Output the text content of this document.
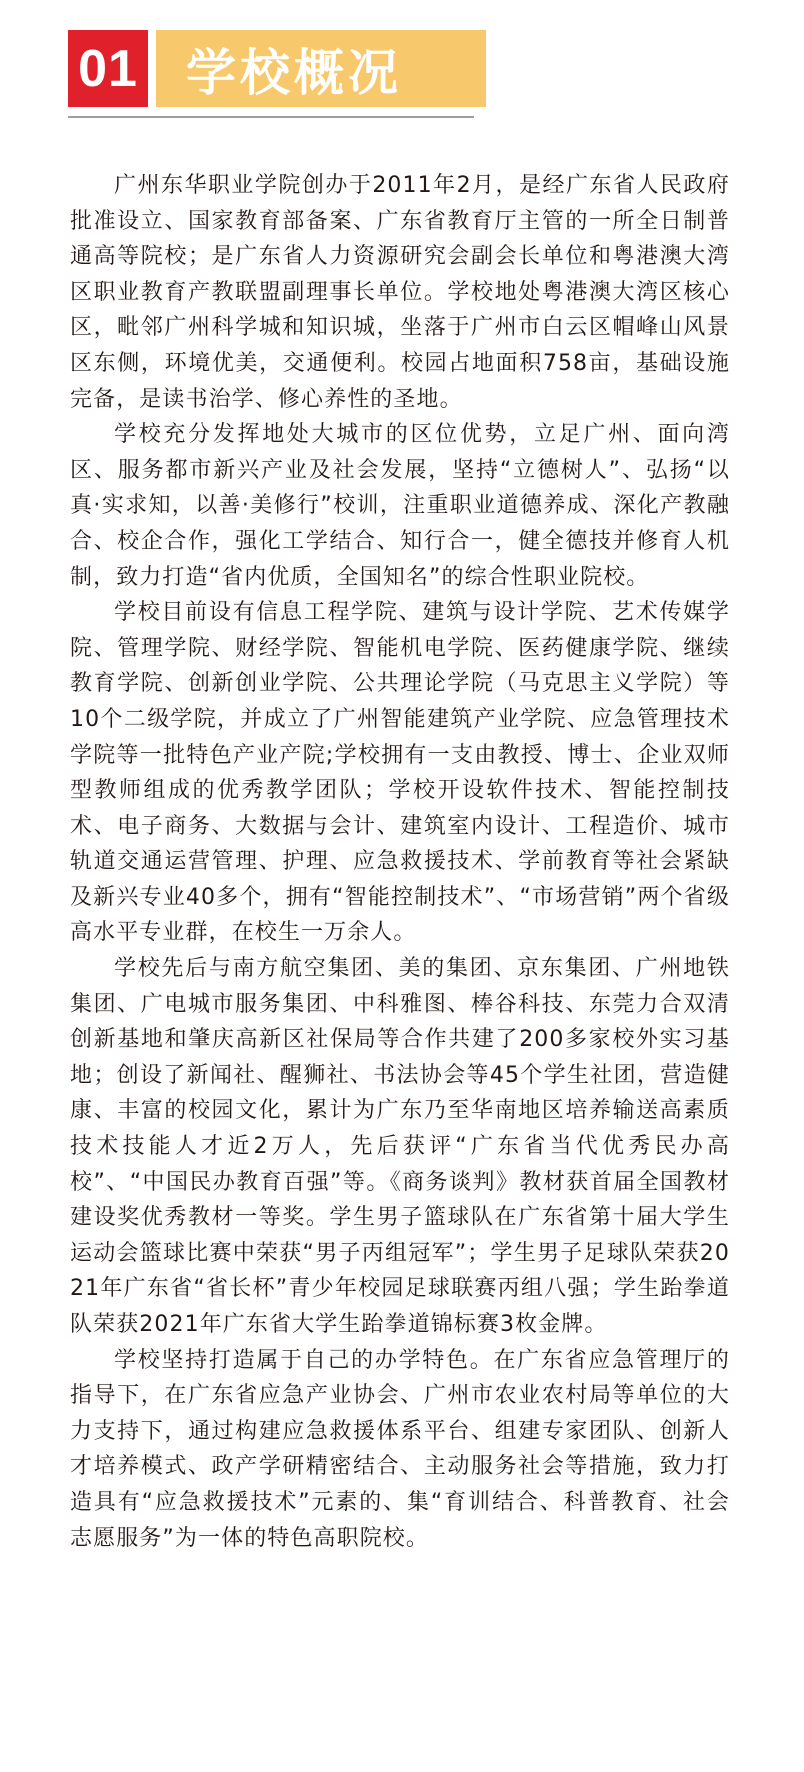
01 学校概况

广州东华职业学院创办于2011年2月，是经广东省人民政府批准设立、国家教育部备案、广东省教育厅主管的一所全日制普通高等院校；是广东省人力资源研究会副会长单位和粤港澳大湾区职业教育产教联盟副理事长单位。学校地处粤港澳大湾区核心区，毗邻广州科学城和知识城，坐落于广州市白云区帽峰山风景区东侧，环境优美，交通便利。校园占地面积758亩，基础设施完备，是读书治学、修心养性的圣地。

学校充分发挥地处大城市的区位优势，立足广州、面向湾区、服务都市新兴产业及社会发展，坚持“立德树人”、弘扬“以真·实求知，以善·美修行”校训，注重职业道德养成、深化产教融合、校企合作，强化工学结合、知行合一，健全德技并修育人机制，致力打造“省内优质，全国知名”的综合性职业院校。

学校目前设有信息工程学院、建筑与设计学院、艺术传媒学院、管理学院、财经学院、智能机电学院、医药健康学院、继续教育学院、创新创业学院、公共理论学院（马克思主义学院）等10个二级学院，并成立了广州智能建筑产业学院、应急管理技术学院等一批特色产业产院;学校拥有一支由教授、博士、企业双师型教师组成的优秀教学团队；学校开设软件技术、智能控制技术、电子商务、大数据与会计、建筑室内设计、工程造价、城市轨道交通运营管理、护理、应急救援技术、学前教育等社会紧缺及新兴专业40多个，拥有“智能控制技术”、“市场营销”两个省级高水平专业群，在校生一万余人。

学校先后与南方航空集团、美的集团、京东集团、广州地铁集团、广电城市服务集团、中科雅图、棒谷科技、东莞力合双清创新基地和肇庆高新区社保局等合作共建了200多家校外实习基地；创设了新闻社、醒狮社、书法协会等45个学生社团，营造健康、丰富的校园文化，累计为广东乃至华南地区培养输送高素质技术技能人才近2万人，先后获评“广东省当代优秀民办高校”、“中国民办教育百强”等。《商务谈判》教材获首届全国教材建设奖优秀教材一等奖。学生男子篮球队在广东省第十届大学生运动会篮球比赛中荣获“男子丙组冠军”；学生男子足球队荣获2021年广东省“省长杯”青少年校园足球联赛丙组八强；学生跆拳道队荣获2021年广东省大学生跆拳道锦标赛3枚金牌。

学校坚持打造属于自己的办学特色。在广东省应急管理厅的指导下，在广东省应急产业协会、广州市农业农村局等单位的大力支持下，通过构建应急救援体系平台、组建专家团队、创新人才培养模式、政产学研精密结合、主动服务社会等措施，致力打造具有“应急救援技术”元素的、集“育训结合、科普教育、社会志愿服务”为一体的特色高职院校。
